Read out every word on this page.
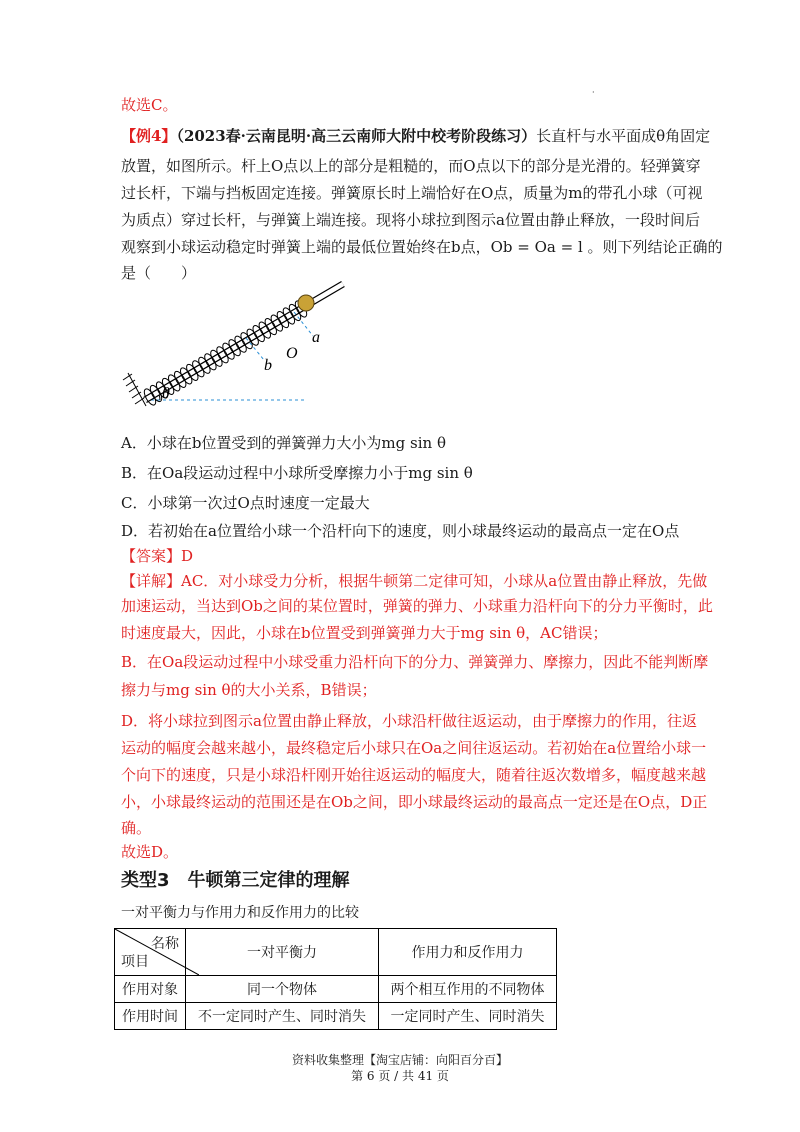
·
故选C。
【例4】（2023春·云南昆明·高三云南师大附中校考阶段练习）长直杆与水平面成θ角固定
放置，如图所示。杆上O点以上的部分是粗糙的，而O点以下的部分是光滑的。轻弹簧穿
过长杆，下端与挡板固定连接。弹簧原长时上端恰好在O点，质量为m的带孔小球（可视
为质点）穿过长杆，与弹簧上端连接。现将小球拉到图示a位置由静止释放，一段时间后
观察到小球运动稳定时弹簧上端的最低位置始终在b点，Ob = Oa = l 。则下列结论正确的
是（　　）
a
O
b
θ
A．小球在b位置受到的弹簧弹力大小为mg sin θ
B．在Oa段运动过程中小球所受摩擦力小于mg sin θ
C．小球第一次过O点时速度一定最大
D．若初始在a位置给小球一个沿杆向下的速度，则小球最终运动的最高点一定在O点
【答案】D
【详解】AC．对小球受力分析，根据牛顿第二定律可知，小球从a位置由静止释放，先做
加速运动，当达到Ob之间的某位置时，弹簧的弹力、小球重力沿杆向下的分力平衡时，此
时速度最大，因此，小球在b位置受到弹簧弹力大于mg sin θ，AC错误；
B．在Oa段运动过程中小球受重力沿杆向下的分力、弹簧弹力、摩擦力，因此不能判断摩
擦力与mg sin θ的大小关系，B错误；
D．将小球拉到图示a位置由静止释放，小球沿杆做往返运动，由于摩擦力的作用，往返
运动的幅度会越来越小，最终稳定后小球只在Oa之间往返运动。若初始在a位置给小球一
个向下的速度，只是小球沿杆刚开始往返运动的幅度大，随着往返次数增多，幅度越来越
小，小球最终运动的范围还是在Ob之间，即小球最终运动的最高点一定还是在O点，D正
确。
故选D。
类型3　牛顿第三定律的理解
一对平衡力与作用力和反作用力的比较
名称
项目	一对平衡力	作用力和反作用力
作用对象	同一个物体	两个相互作用的不同物体
作用时间	不一定同时产生、同时消失	一定同时产生、同时消失
资料收集整理【淘宝店铺：向阳百分百】
第 6 页 / 共 41 页
